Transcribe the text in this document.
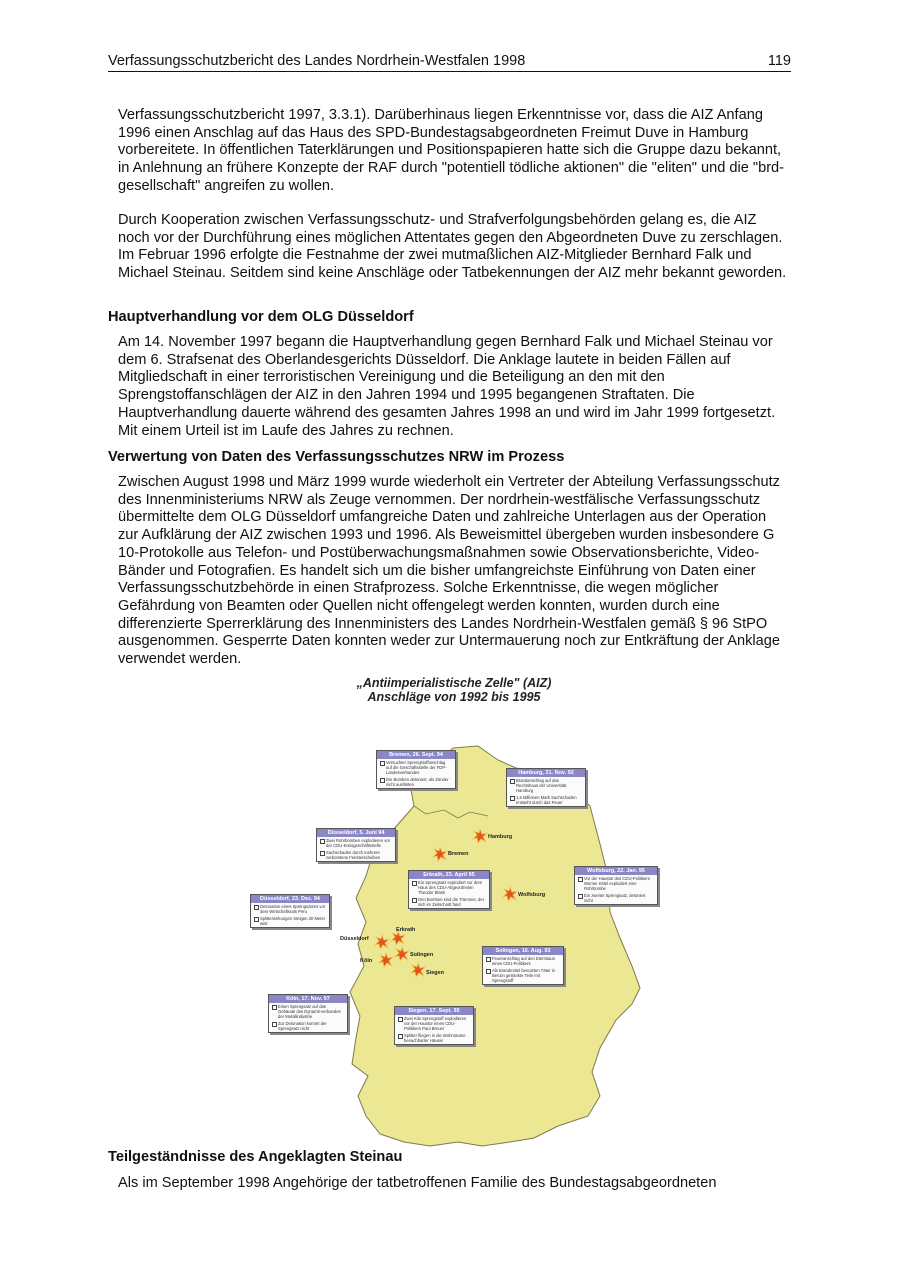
Verfassungsschutzbericht des Landes Nordrhein-Westfalen 1998	119

Verfassungsschutzbericht 1997, 3.3.1). Darüberhinaus liegen Erkenntnisse vor, dass die AIZ Anfang 1996 einen Anschlag auf das Haus des SPD-Bundestagsabgeordneten Freimut Duve in Hamburg vorbereitete. In öffentlichen Taterklärungen und Positionspapieren hatte sich die Gruppe dazu bekannt, in Anlehnung an frühere Konzepte der RAF durch "potentiell tödliche aktionen" die "eliten" und die "brd-gesellschaft" angreifen zu wollen.

Durch Kooperation zwischen Verfassungsschutz- und Strafverfolgungsbehörden gelang es, die AIZ noch vor der Durchführung eines möglichen Attentates gegen den Abgeordneten Duve zu zerschlagen. Im Februar 1996 erfolgte die Festnahme der zwei mutmaßlichen AIZ-Mitglieder Bernhard Falk und Michael Steinau. Seitdem sind keine Anschläge oder Tatbekennungen der AIZ mehr bekannt geworden.

Hauptverhandlung vor dem OLG Düsseldorf

Am 14. November 1997 begann die Hauptverhandlung gegen Bernhard Falk und Michael Steinau vor dem 6. Strafsenat des Oberlandesgerichts Düsseldorf. Die Anklage lautete in beiden Fällen auf Mitgliedschaft in einer terroristischen Vereinigung und die Beteiligung an den mit den Sprengstoffanschlägen der AIZ in den Jahren 1994 und 1995 begangenen Straftaten. Die Hauptverhandlung dauerte während des gesamten Jahres 1998 an und wird im Jahr 1999 fortgesetzt. Mit einem Urteil ist im Laufe des Jahres zu rechnen.

Verwertung von Daten des Verfassungsschutzes NRW im Prozess

Zwischen August 1998 und März 1999 wurde wiederholt ein Vertreter der Abteilung Verfassungsschutz des Innenministeriums NRW als Zeuge vernommen. Der nordrhein-westfälische Verfassungsschutz übermittelte dem OLG Düsseldorf umfangreiche Daten und zahlreiche Unterlagen aus der Operation zur Aufklärung der AIZ zwischen 1993 und 1996. Als Beweismittel übergeben wurden insbesondere G 10-Protokolle aus Telefon- und Postüberwachungsmaßnahmen sowie Observationsberichte, Video-Bänder und Fotografien. Es handelt sich um die bisher umfangreichste Einführung von Daten einer Verfassungsschutzbehörde in einen Strafprozess. Solche Erkenntnisse, die wegen möglicher Gefährdung von Beamten oder Quellen nicht offengelegt werden konnten, wurden durch eine differenzierte Sperrerklärung des Innenministers des Landes Nordrhein-Westfalen gemäß § 96 StPO ausgenommen. Gesperrte Daten konnten weder zur Untermauerung noch zur Entkräftung der Anklage verwendet werden.

„Antiimperialistische Zelle" (AIZ)
Anschläge von 1992 bis 1995
Hamburg
Bremen
Wolfsburg
Düsseldorf
Erkrath
Köln
Solingen
Siegen
Bremen, 26. Sept. 94
Versuchter Sprengstoffanschlag auf die Geschäftsstelle der FDP-Landesverbandes
Die Bomben detoniert, als Zünder nicht auslösten
Hamburg, 21. Nov. 92
Brandanschlag auf das Rechtshaus der Universität Hamburg
1,5 Millionen Mark Sachschaden entsteht durch das Feuer
Düsseldorf, 5. Juni 94
Zwei Rohrbomben explodieren vor der CDU-Kreisgeschäftsstelle
Sachschaden durch mehrere zerborstene Fensterscheiben
Erkrath, 23. April 95
Ein Sprengsatz explodiert vor dem Haus des CDU-Abgeordneten Theodor Blank
Drei Bomben sind die Trümmer, der sich im Zeitschnitt fand
Wolfsburg, 22. Jan. 95
Vor der Haustür des CDU-Politikers Werner Kittel explodiert eine Rohrbombe
Ein zweiter Sprengsatz, detoniert nicht
Düsseldorf, 23. Dez. 94
Detonation eines Sprengsatzes vor dem Wirtschaftsrats Peru
Splitterwirkungen Steigen 30 Meter weit
Solingen, 16. Aug. 93
Feueranschlag auf den Eternitaus eines CDU-Politikers
Als Brandmittel benutzten Täter in Benzin getränkte Teile mit Sprengstoff
Köln, 17. Nov. 97
Einen Sprengsatz auf das Gebäude des Dynamit-verbandes der Metallindustrie
Zur Detonation kommt der Sprengsatz nicht
Siegen, 17. Sept. 95
Zwei Kilo Sprengstoff explodieren vor der Haustür eines CDU-Politikers Paul Breuer
Splitter fliegen in die Wohnräume benachbarter Häuser
Teilgeständnisse des Angeklagten Steinau

Als im September 1998 Angehörige der tatbetroffenen Familie des Bundestagsabgeordneten
